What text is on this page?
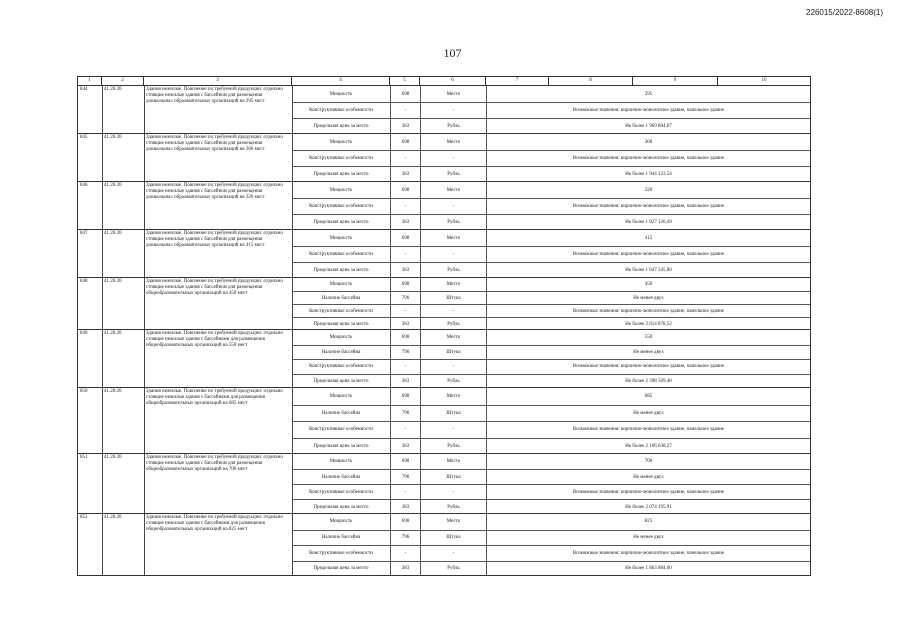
226015/2022-8608(1)
107
1	2	3	4	5	6	7	8	9	10
844	41.20.20	Здания нежилые. Пояснение по требуемой продукции: отдельно стоящие нежилые здания с бассейном для размещения дошкольных образовательных организаций на 295 мест
Мощность	698	Место	295
Конструктивные особенности	-	-	Возможные значения: кирпично-монолитное здание, панельное здание
Предельная цена за место	383	Рубль	Не более 1 969 804,67
845	41.20.20	Здания нежилые. Пояснение по требуемой продукции: отдельно стоящие нежилые здания с бассейном для размещения дошкольных образовательных организаций на 300 мест
Мощность	698	Место	300
Конструктивные особенности	-	-	Возможные значения: кирпично-монолитное здание, панельное здание
Предельная цена за место	383	Рубль	Не более 1 944 123,54
846	41.20.20	Здания нежилые. Пояснение по требуемой продукции: отдельно стоящие нежилые здания с бассейном для размещения дошкольных образовательных организаций на 320 мест
Мощность	698	Место	320
Конструктивные особенности	-	-	Возможные значения: кирпично-монолитное здание, панельное здание
Предельная цена за место	383	Рубль	Не более 1 827 136,49
847	41.20.20	Здания нежилые. Пояснение по требуемой продукции: отдельно стоящие нежилые здания с бассейном для размещения дошкольных образовательных организаций на 415 мест
Мощность	698	Место	415
Конструктивные особенности	-	-	Возможные значения: кирпично-монолитное здание, панельное здание
Предельная цена за место	383	Рубль	Не более 1 647 345,90
848	41.20.20	Здания нежилые. Пояснение по требуемой продукции: отдельно стоящие нежилые здания с бассейном для размещения общеобразовательных организаций на 450 мест
Мощность	698	Место	450
Наличие бассейна	796	Штука	Не менее двух
Конструктивные особенности	-	-	Возможные значения: кирпично-монолитное здание, панельное здание
Предельная цена за место	383	Рубль	Не более 2 614 878,52
849	41.20.20	Здания нежилые. Пояснение по требуемой продукции: отдельно стоящие нежилые здания с бассейнами для размещения общеобразовательных организаций на 550 мест
Мощность	698	Место	550
Наличие бассейна	796	Штука	Не менее двух
Конструктивные особенности	-	-	Возможные значения: кирпично-монолитное здание, панельное здание
Предельная цена за место	383	Рубль	Не более 2 398 569,48
850	41.20.20	Здания нежилые. Пояснение по требуемой продукции: отдельно стоящие нежилые здания с бассейнами для размещения общеобразовательных организаций на 685 мест
Мощность	698	Место	685
Наличие бассейна	796	Штука	Не менее двух
Конструктивные особенности	-	-	Возможные значения: кирпично-монолитное здание, панельное здание
Предельная цена за место	383	Рубль	Не более 2 106 638,27
851	41.20.20	Здания нежилые. Пояснение по требуемой продукции: отдельно стоящие нежилые здания с бассейном для размещения общеобразовательных организаций на 700 мест
Мощность	698	Место	700
Наличие бассейна	796	Штука	Не менее двух
Конструктивные особенности	-	-	Возможные значения: кирпично-монолитное здание, панельное здание
Предельная цена за место	383	Рубль	Не более 2 074 195,91
852	41.20.20	Здания нежилые. Пояснение по требуемой продукции: отдельно стоящие нежилые здания с бассейнами для размещения общеобразовательных организаций на 825 мест
Мощность	698	Место	825
Наличие бассейна	796	Штука	Не менее двух
Конструктивные особенности	-	-	Возможные значения: кирпично-монолитное здание, панельное здание
Предельная цена за место	383	Рубль	Не более 1 863 884,60
